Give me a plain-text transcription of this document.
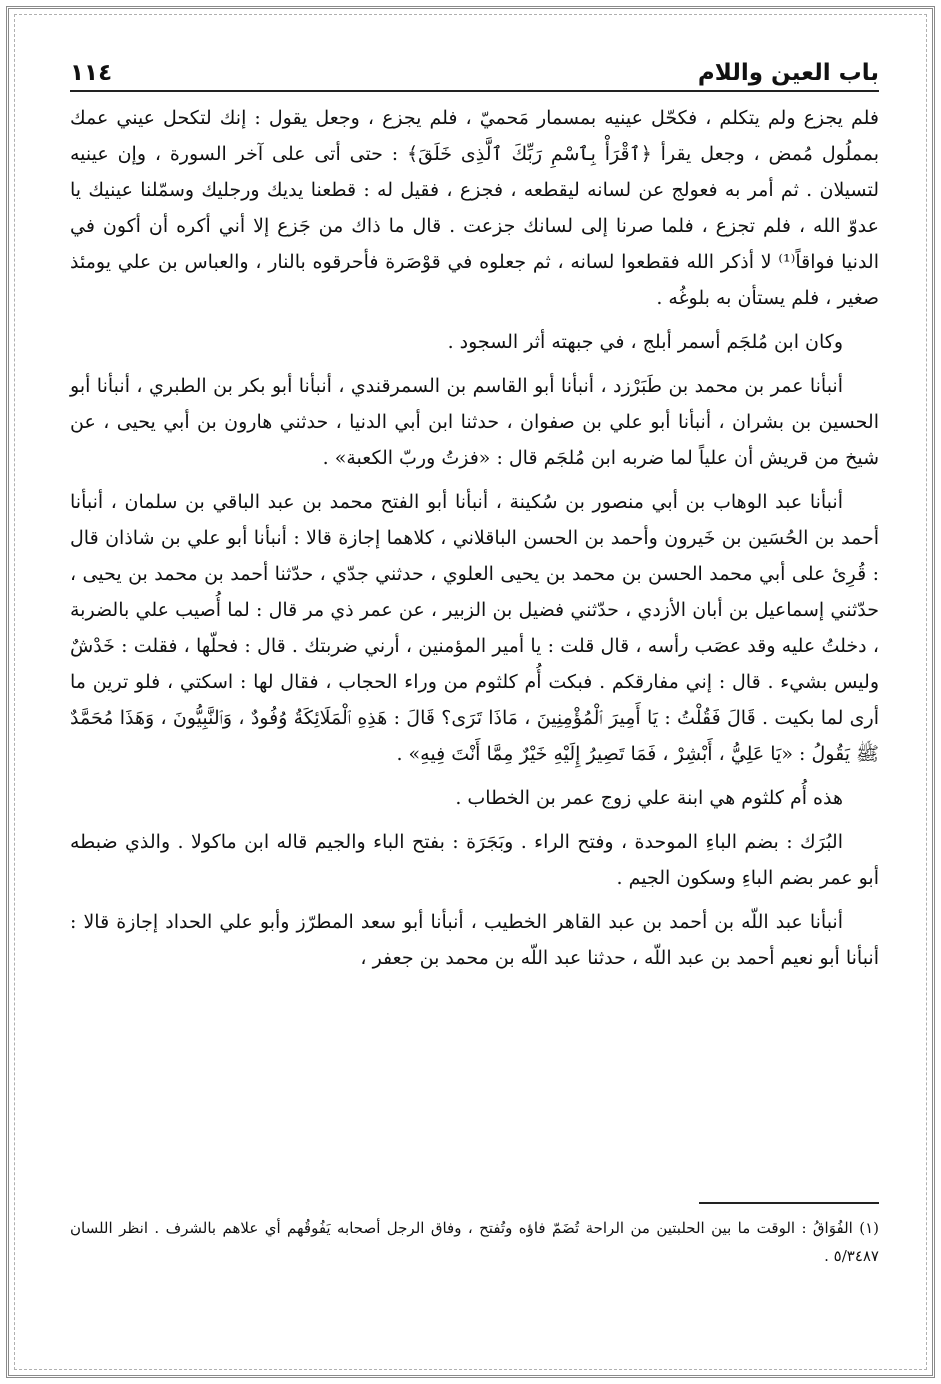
باب العين واللام
١١٤

فلم يجزع ولم يتكلم ، فكحّل عينيه بمسمار مَحميّ ، فلم يجزع ، وجعل يقول : إنك لتكحل عيني عمك بمملُول مُمض ، وجعل يقرأ ﴿ٱقْرَأْ بِٱسْمِ رَبِّكَ ٱلَّذِى خَلَقَ﴾ : حتى أتى على آخر السورة ، وإن عينيه لتسيلان . ثم أمر به فعولج عن لسانه ليقطعه ، فجزع ، فقيل له : قطعنا يديك ورجليك وسمّلنا عينيك يا عدوّ الله ، فلم تجزع ، فلما صرنا إلى لسانك جزعت . قال ما ذاك من جَزع إلا أني أكره أن أكون في الدنيا فواقاً⁽¹⁾ لا أذكر الله فقطعوا لسانه ، ثم جعلوه في قوْصَرة فأحرقوه بالنار ، والعباس بن علي يومئذ صغير ، فلم يستأن به بلوغُه .

وكان ابن مُلجَم أسمر أبلج ، في جبهته أثر السجود .

أنبأنا عمر بن محمد بن طَبَرْزد ، أنبأنا أبو القاسم بن السمرقندي ، أنبأنا أبو بكر بن الطبري ، أنبأنا أبو الحسين بن بشران ، أنبأنا أبو علي بن صفوان ، حدثنا ابن أبي الدنيا ، حدثني هارون بن أبي يحيى ، عن شيخ من قريش أن علياً لما ضربه ابن مُلجَم قال : «فزتُ وربّ الكعبة» .

أنبأنا عبد الوهاب بن أبي منصور بن سُكينة ، أنبأنا أبو الفتح محمد بن عبد الباقي بن سلمان ، أنبأنا أحمد بن الحُسَين بن خَيرون وأحمد بن الحسن الباقلاني ، كلاهما إجازة قالا : أنبأنا أبو علي بن شاذان قال : قُرِئ على أبي محمد الحسن بن محمد بن يحيى العلوي ، حدثني جدّي ، حدّثنا أحمد بن محمد بن يحيى ، حدّثني إسماعيل بن أبان الأزدي ، حدّثني فضيل بن الزبير ، عن عمر ذي مر قال : لما أُصيب علي بالضربة ، دخلتُ عليه وقد عصَب رأسه ، قال قلت : يا أمير المؤمنين ، أرني ضربتك . قال : فحلّها ، فقلت : خَدْشٌ وليس بشيء . قال : إني مفارقكم . فبكت أُم كلثوم من وراء الحجاب ، فقال لها : اسكتي ، فلو ترين ما أرى لما بكيت . قَالَ فَقُلْتُ : يَا أَمِيرَ ٱلْمُؤْمِنِينَ ، مَاذَا تَرَى؟ قَالَ : هَذِهِ ٱلْمَلَائِكَةُ وُفُودٌ ، وَٱلنَّبِيُّونَ ، وَهَذَا مُحَمَّدٌ ﷺ يَقُولُ : «يَا عَلِيُّ ، أَبْشِرْ ، فَمَا تَصِيرُ إِلَيْهِ خَيْرٌ مِمَّا أَنْتَ فِيهِ» .

هذه أُم كلثوم هي ابنة علي زوج عمر بن الخطاب .

البُرَك : بضم الباءِ الموحدة ، وفتح الراء . وبَجَرَة : بفتح الباء والجيم قاله ابن ماكولا . والذي ضبطه أبو عمر بضم الباءِ وسكون الجيم .

أنبأنا عبد اللّه بن أحمد بن عبد القاهر الخطيب ، أنبأنا أبو سعد المطرّز وأبو علي الحداد إجازة قالا : أنبأنا أبو نعيم أحمد بن عبد اللّه ، حدثنا عبد اللّه بن محمد بن جعفر ،

(١) الفُوَاقُ : الوقت ما بين الحلبتين من الراحة تُضَمّ فاؤه وتُفتح ، وفاق الرجل أصحابه يَفُوقُهم أي علاهم بالشرف . انظر اللسان ٥/٣٤٨٧ .
